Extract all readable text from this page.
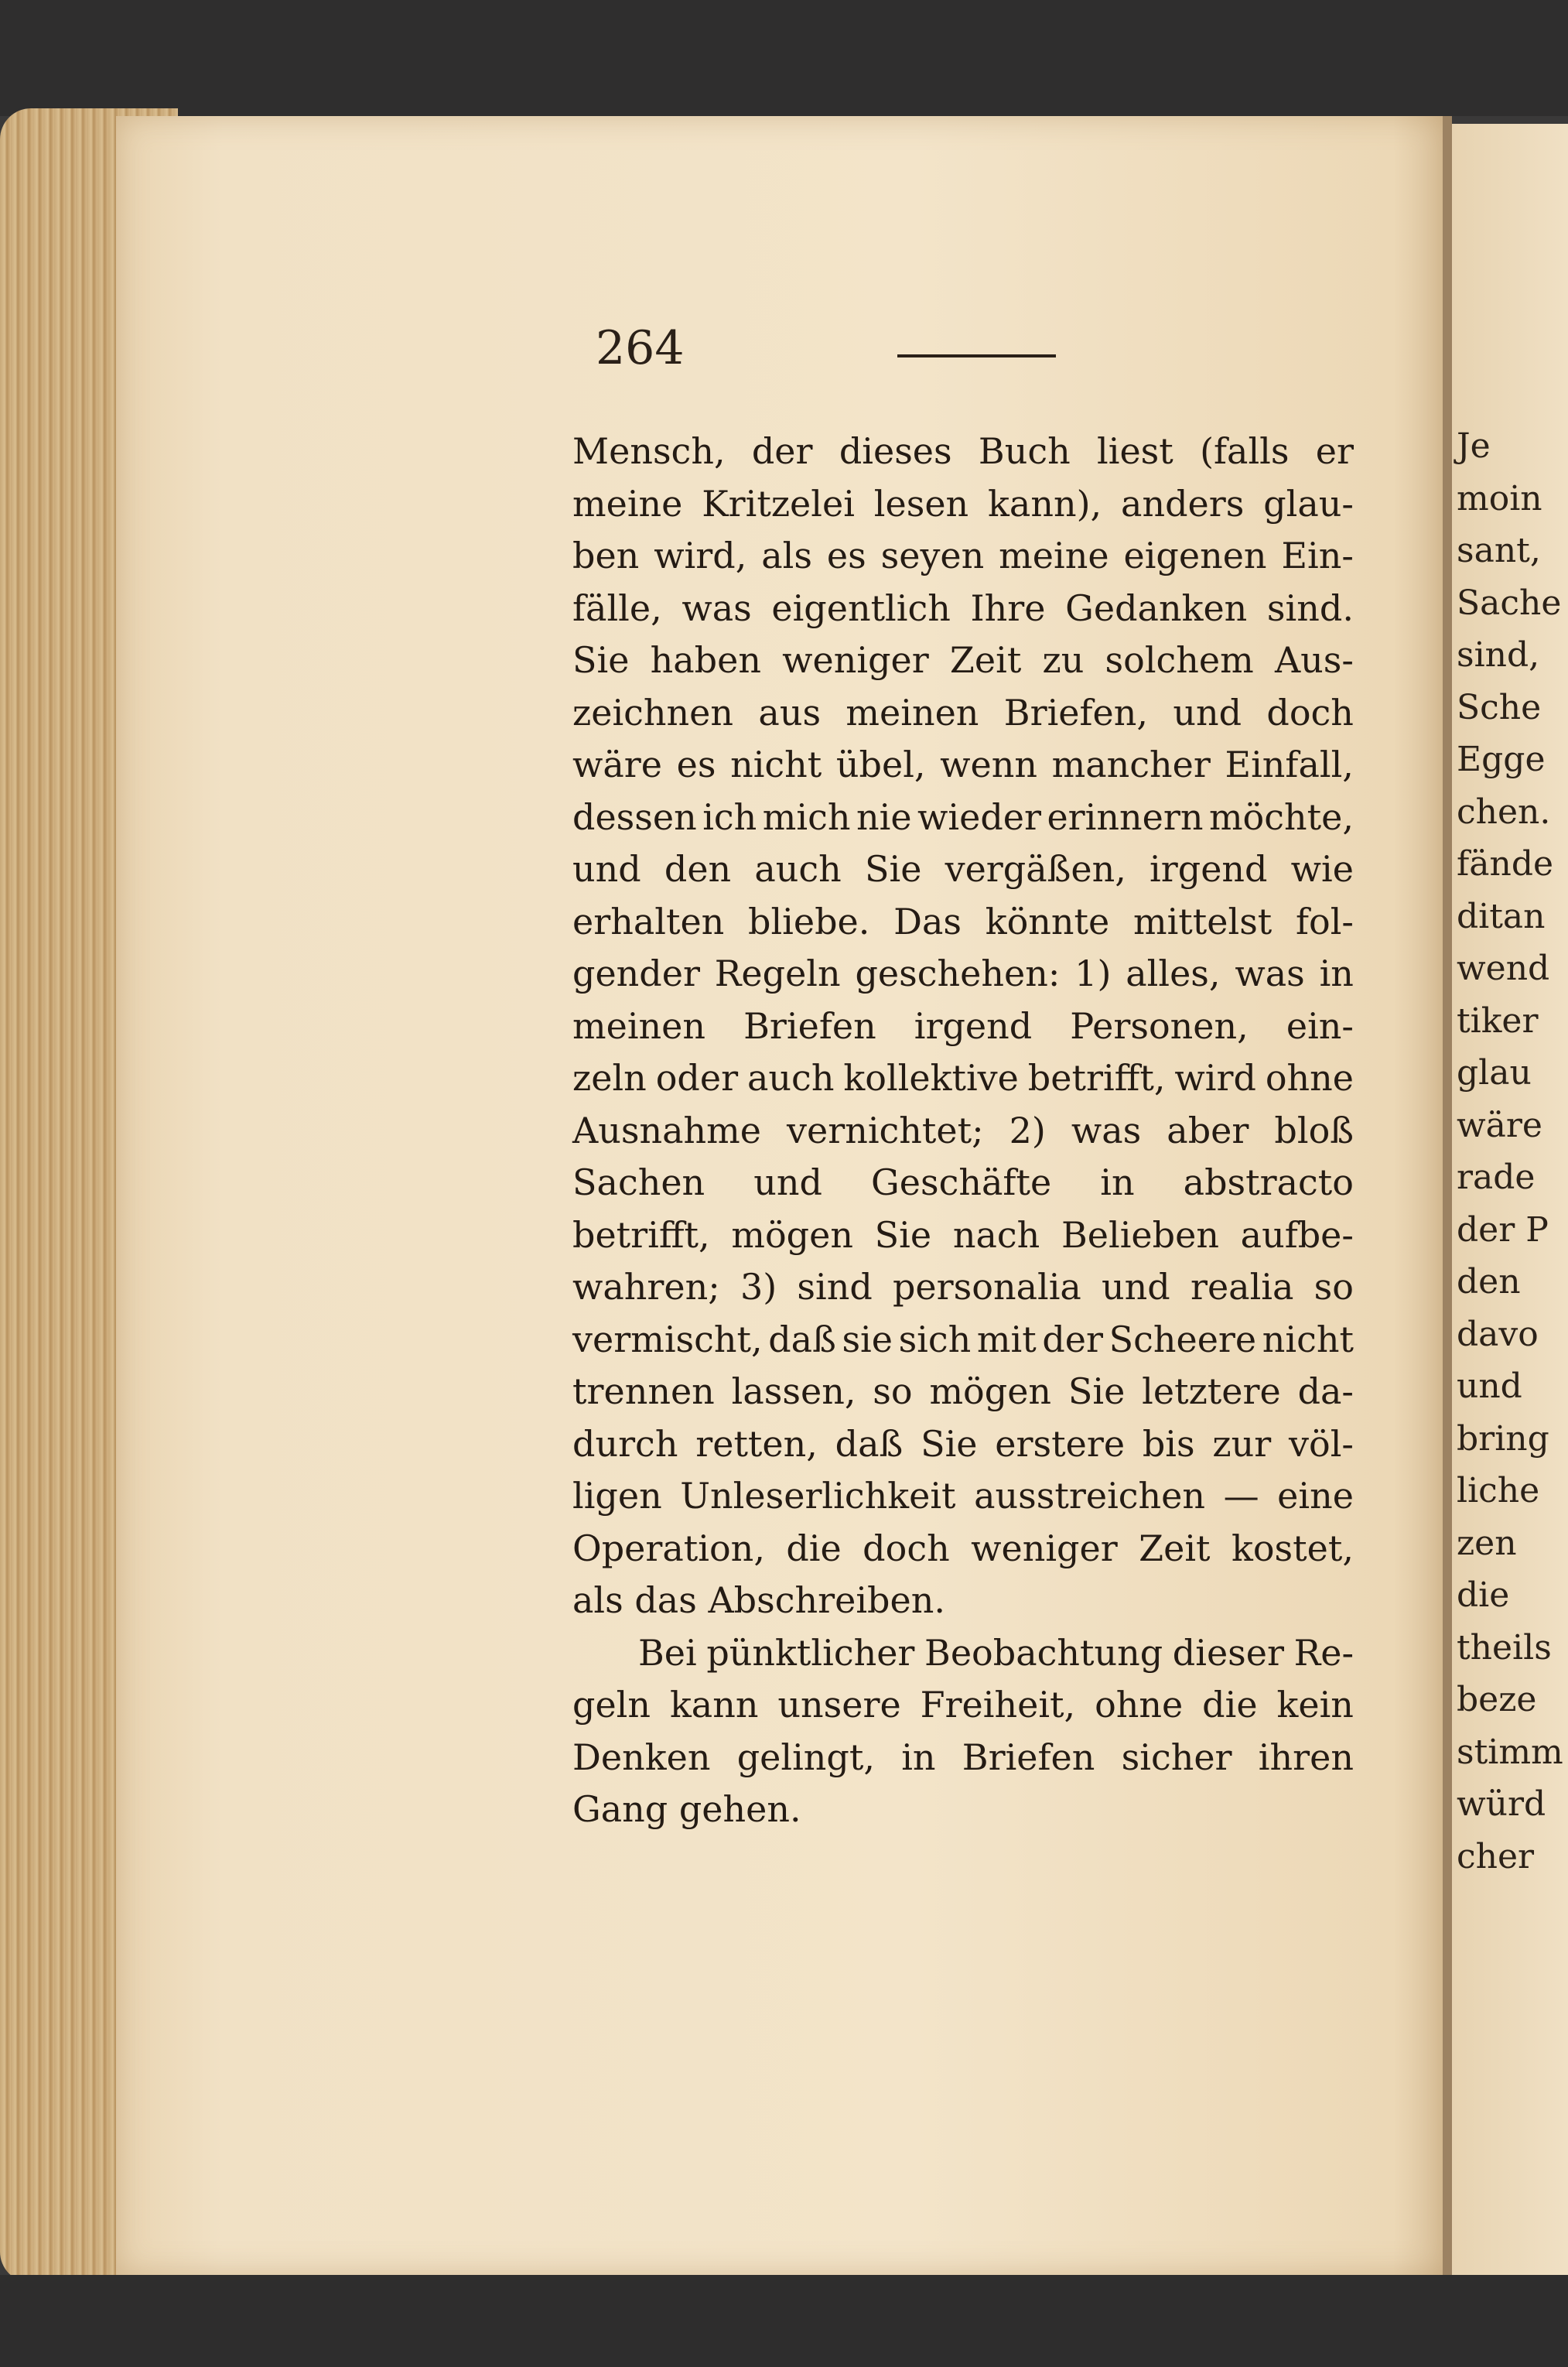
Je
moin
sant,
Sache
sind,
Sche
Egge
chen.
fände
ditan
wend
tiker
glau
wäre
rade
der P
den
davo
und
bring
liche
zen
die
theils
beze
stimm
würd
cher
264
Mensch, der dieses Buch liest (falls er
meine Kritzelei lesen kann), anders glau-
ben wird, als es seyen meine eigenen Ein-
fälle, was eigentlich Ihre Gedanken sind.
Sie haben weniger Zeit zu solchem Aus-
zeichnen aus meinen Briefen, und doch
wäre es nicht übel, wenn mancher Einfall,
dessen ich mich nie wieder erinnern möchte,
und den auch Sie vergäßen, irgend wie
erhalten bliebe. Das könnte mittelst fol-
gender Regeln geschehen: 1) alles, was in
meinen Briefen irgend Personen, ein-
zeln oder auch kollektive betrifft, wird ohne
Ausnahme vernichtet; 2) was aber bloß
Sachen und Geschäfte in abstracto
betrifft, mögen Sie nach Belieben aufbe-
wahren; 3) sind personalia und realia so
vermischt, daß sie sich mit der Scheere nicht
trennen lassen, so mögen Sie letztere da-
durch retten, daß Sie erstere bis zur völ-
ligen Unleserlichkeit ausstreichen — eine
Operation, die doch weniger Zeit kostet,
als das Abschreiben.
Bei pünktlicher Beobachtung dieser Re-
geln kann unsere Freiheit, ohne die kein
Denken gelingt, in Briefen sicher ihren
Gang gehen.
